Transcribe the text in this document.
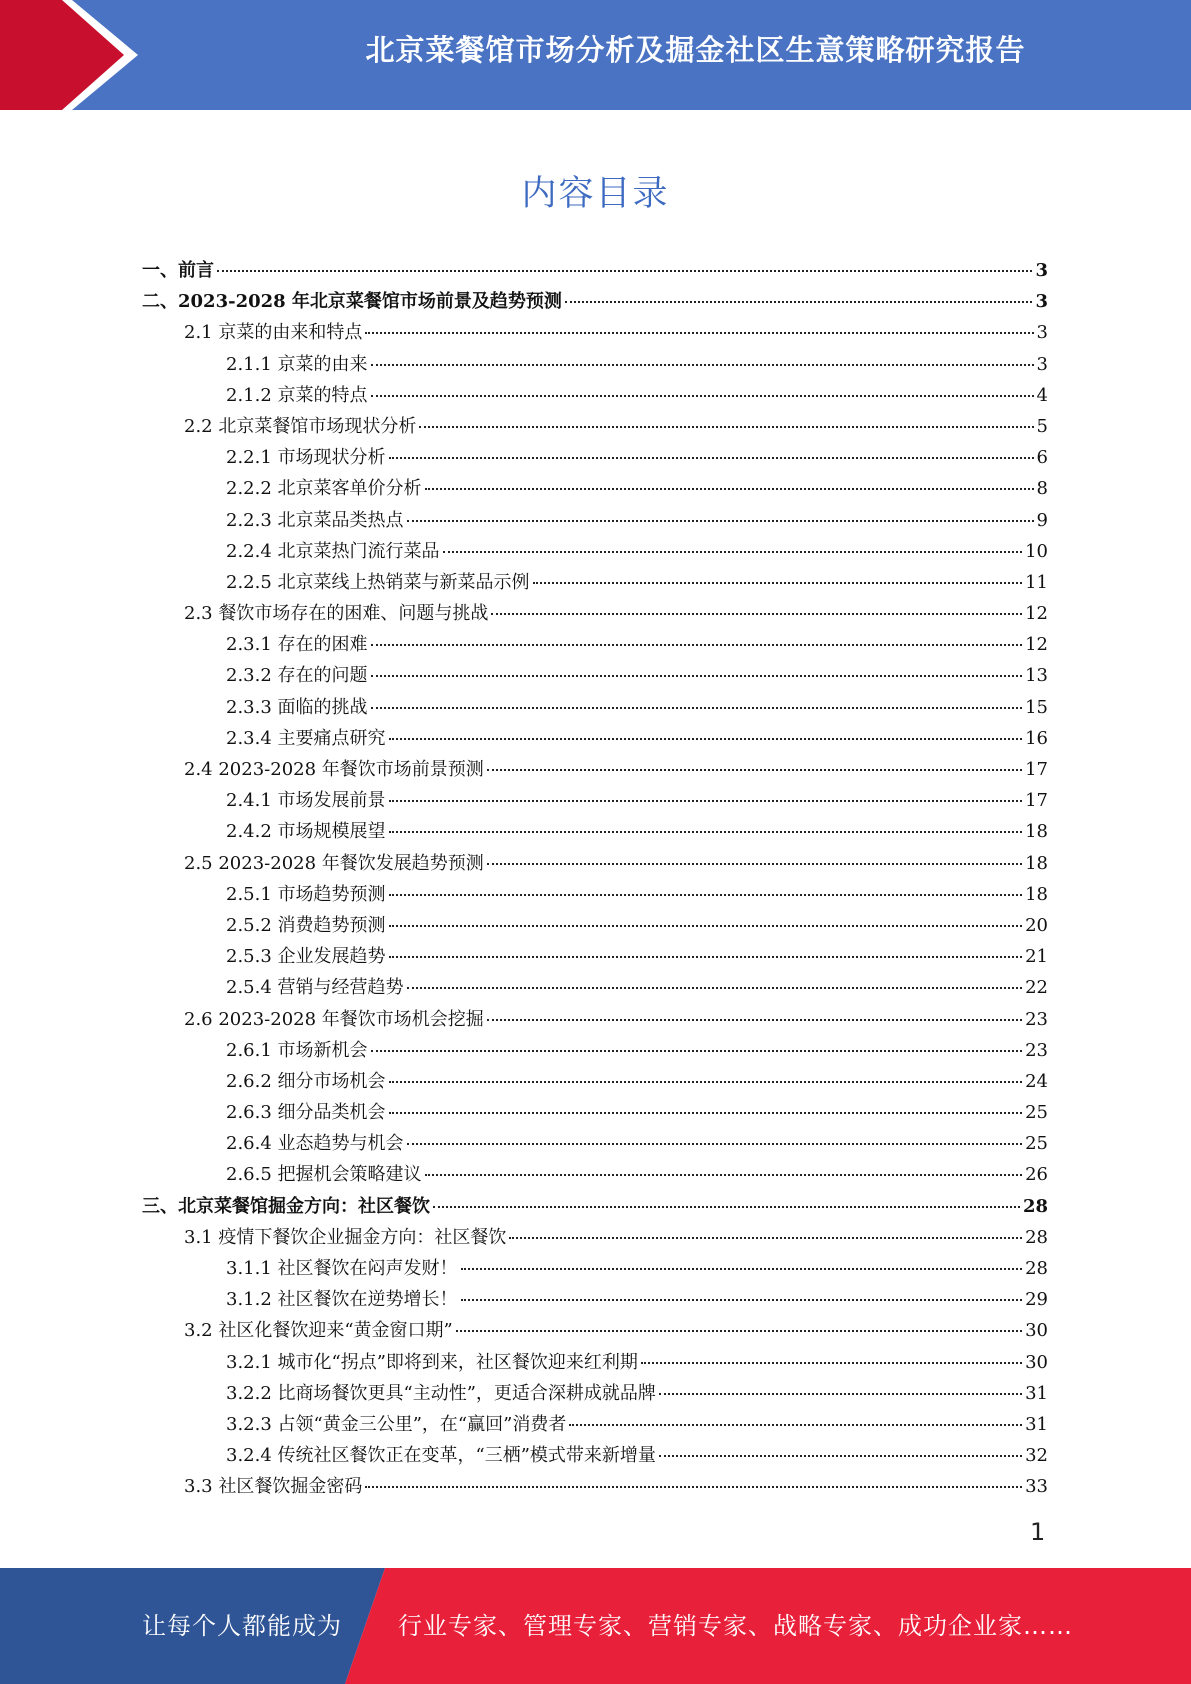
北京菜餐馆市场分析及掘金社区生意策略研究报告
内容目录
一、前言	3
二、2023-2028 年北京菜餐馆市场前景及趋势预测	3
2.1 京菜的由来和特点	3
2.1.1 京菜的由来	3
2.1.2 京菜的特点	4
2.2 北京菜餐馆市场现状分析	5
2.2.1 市场现状分析	6
2.2.2 北京菜客单价分析	8
2.2.3 北京菜品类热点	9
2.2.4 北京菜热门流行菜品	10
2.2.5 北京菜线上热销菜与新菜品示例	11
2.3 餐饮市场存在的困难、问题与挑战	12
2.3.1 存在的困难	12
2.3.2 存在的问题	13
2.3.3 面临的挑战	15
2.3.4 主要痛点研究	16
2.4 2023-2028 年餐饮市场前景预测	17
2.4.1 市场发展前景	17
2.4.2 市场规模展望	18
2.5 2023-2028 年餐饮发展趋势预测	18
2.5.1 市场趋势预测	18
2.5.2 消费趋势预测	20
2.5.3 企业发展趋势	21
2.5.4 营销与经营趋势	22
2.6 2023-2028 年餐饮市场机会挖掘	23
2.6.1 市场新机会	23
2.6.2 细分市场机会	24
2.6.3 细分品类机会	25
2.6.4 业态趋势与机会	25
2.6.5 把握机会策略建议	26
三、北京菜餐馆掘金方向：社区餐饮	28
3.1 疫情下餐饮企业掘金方向：社区餐饮	28
3.1.1 社区餐饮在闷声发财！	28
3.1.2 社区餐饮在逆势增长！	29
3.2 社区化餐饮迎来“黄金窗口期”	30
3.2.1 城市化“拐点”即将到来，社区餐饮迎来红利期	30
3.2.2 比商场餐饮更具“主动性”，更适合深耕成就品牌	31
3.2.3 占领“黄金三公里”，在“赢回”消费者	31
3.2.4 传统社区餐饮正在变革，“三栖”模式带来新增量	32
3.3 社区餐饮掘金密码	33
1
让每个人都能成为 行业专家、管理专家、营销专家、战略专家、成功企业家……
